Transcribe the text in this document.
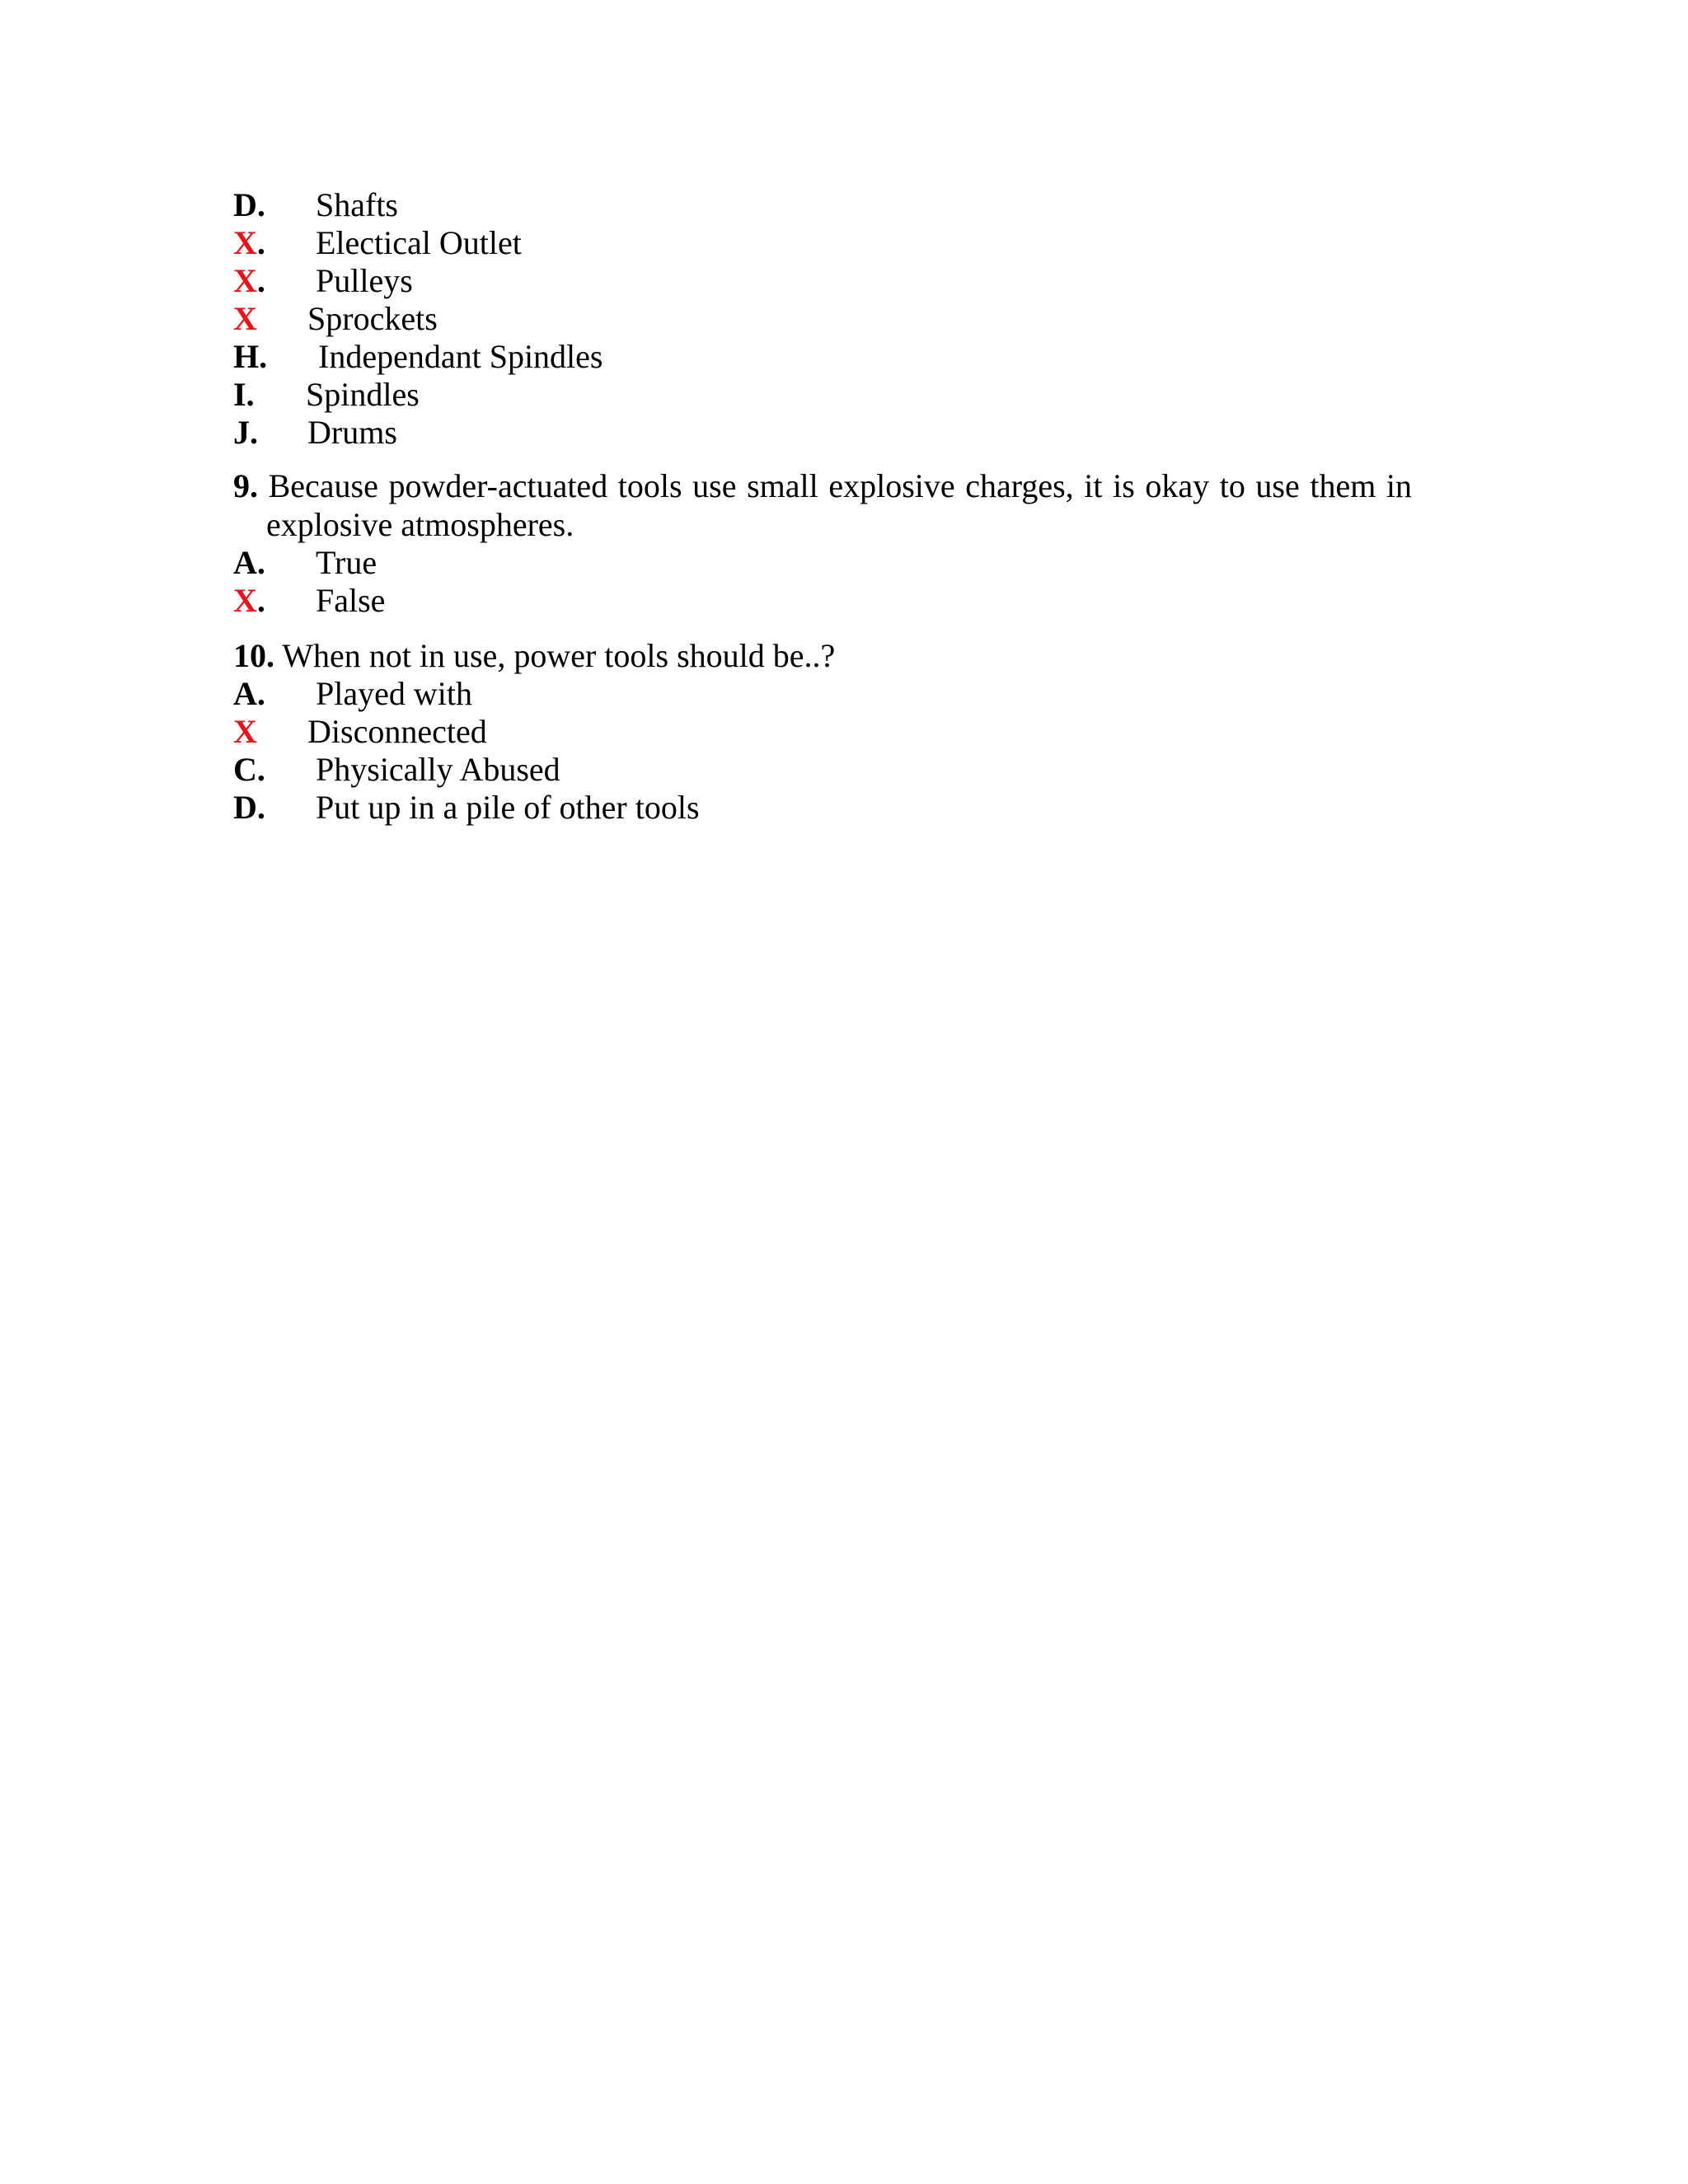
D. Shafts
X. Electical Outlet
X. Pulleys
X Sprockets
H. Independant Spindles
I. Spindles
J. Drums
9. Because powder-actuated tools use small explosive charges, it is okay to use them in explosive atmospheres.
A. True
X. False
10. When not in use, power tools should be..?
A. Played with
X Disconnected
C. Physically Abused
D. Put up in a pile of other tools
